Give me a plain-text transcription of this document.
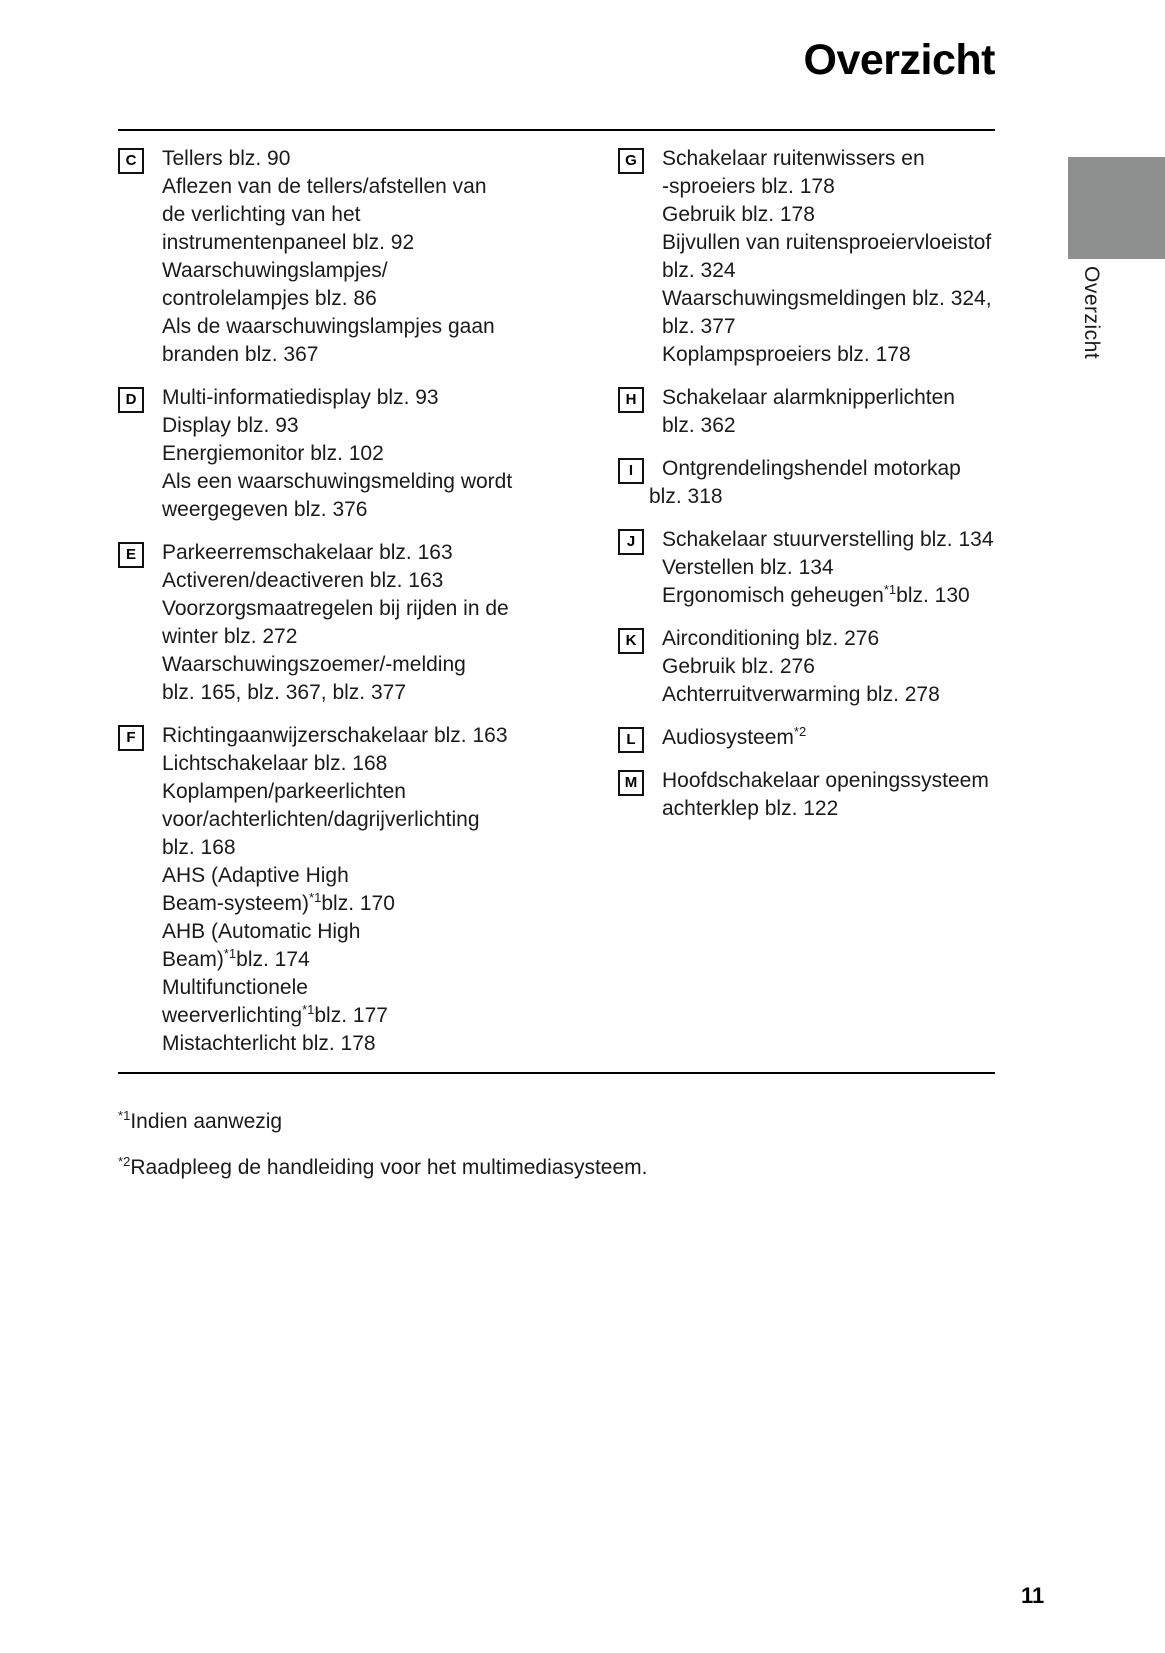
Overzicht
C	Tellers blz. 90
Aflezen van de tellers/afstellen van
de verlichting van het
instrumentenpaneel blz. 92
Waarschuwingslampjes/
controlelampjes blz. 86
Als de waarschuwingslampjes gaan
branden blz. 367
D	Multi-informatiedisplay blz. 93
Display blz. 93
Energiemonitor blz. 102
Als een waarschuwingsmelding wordt
weergegeven blz. 376
E	Parkeerremschakelaar blz. 163
Activeren/deactiveren blz. 163
Voorzorgsmaatregelen bij rijden in de
winter blz. 272
Waarschuwingszoemer/-melding
blz. 165, blz. 367, blz. 377
F	Richtingaanwijzerschakelaar blz. 163
Lichtschakelaar blz. 168
Koplampen/parkeerlichten
voor/achterlichten/dagrijverlichting
blz. 168
AHS (Adaptive High
Beam-systeem)$^{*1}$blz. 170
AHB (Automatic High
Beam)$^{*1}$blz. 174
Multifunctionele
weerverlichting$^{*1}$blz. 177
Mistachterlicht blz. 178
G	Schakelaar ruitenwissers en
-sproeiers blz. 178
Gebruik blz. 178
Bijvullen van ruitensproeiervloeistof
blz. 324
Waarschuwingsmeldingen blz. 324,
blz. 377
Koplampsproeiers blz. 178
H	Schakelaar alarmknipperlichten
blz. 362
I	Ontgrendelingshendel motorkap
blz. 318
J	Schakelaar stuurverstelling blz. 134
Verstellen blz. 134
Ergonomisch geheugen$^{*1}$blz. 130
K	Airconditioning blz. 276
Gebruik blz. 276
Achterruitverwarming blz. 278
L	Audiosysteem$^{*2}$
M	Hoofdschakelaar openingssysteem
achterklep blz. 122
$^{*1}$Indien aanwezig
$^{*2}$Raadpleeg de handleiding voor het multimediasysteem.
Overzicht
11
